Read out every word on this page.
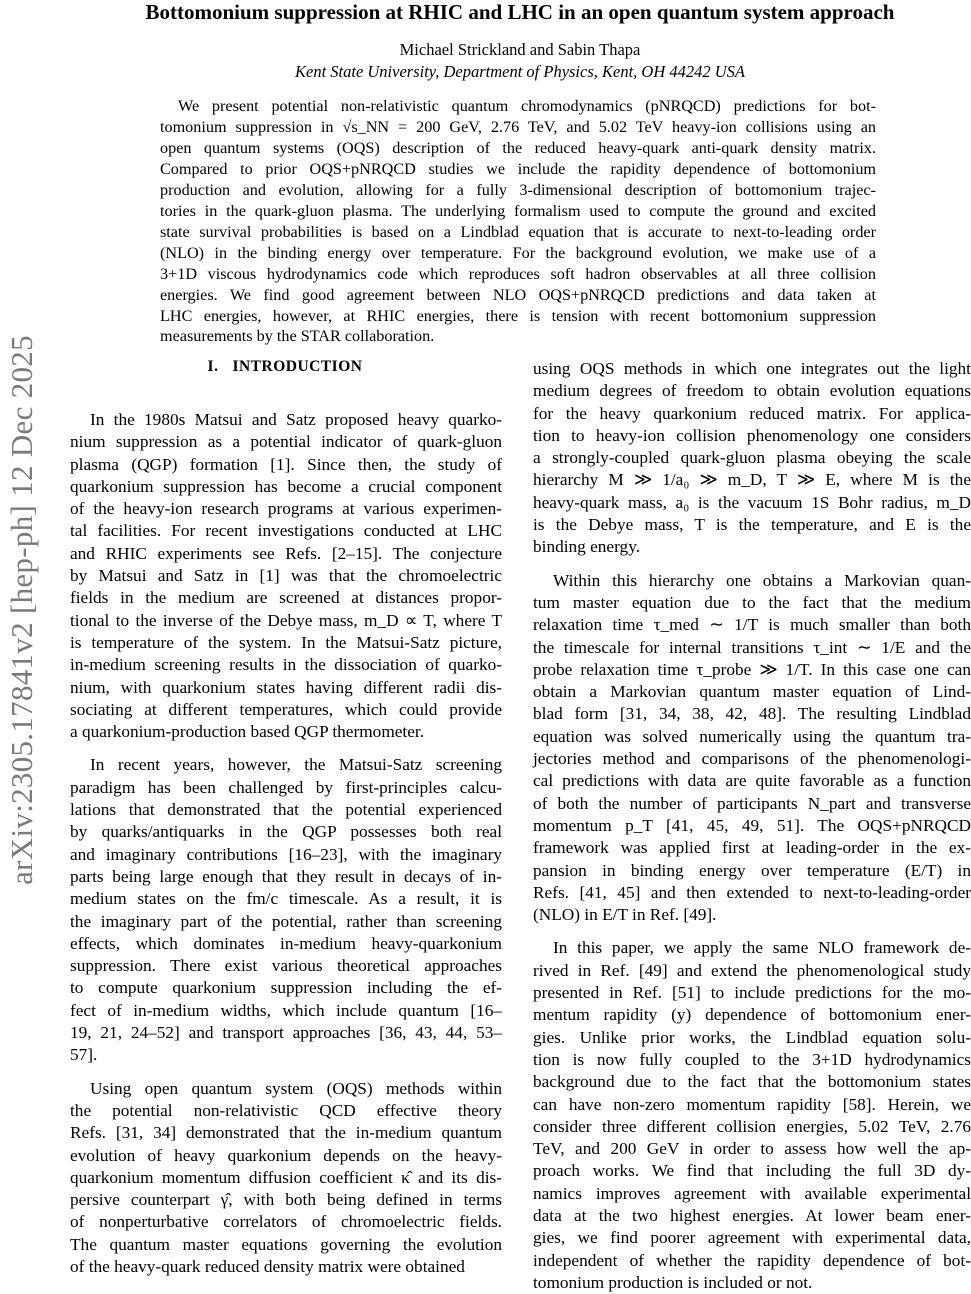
arXiv:2305.17841v2 [hep-ph] 12 Dec 2025
Bottomonium suppression at RHIC and LHC in an open quantum system approach
Michael Strickland and Sabin Thapa
Kent State University, Department of Physics, Kent, OH 44242 USA
We present potential non-relativistic quantum chromodynamics (pNRQCD) predictions for bot-
tomonium suppression in √s_NN = 200 GeV, 2.76 TeV, and 5.02 TeV heavy-ion collisions using an
open quantum systems (OQS) description of the reduced heavy-quark anti-quark density matrix.
Compared to prior OQS+pNRQCD studies we include the rapidity dependence of bottomonium
production and evolution, allowing for a fully 3-dimensional description of bottomonium trajec-
tories in the quark-gluon plasma. The underlying formalism used to compute the ground and excited
state survival probabilities is based on a Lindblad equation that is accurate to next-to-leading order
(NLO) in the binding energy over temperature. For the background evolution, we make use of a
3+1D viscous hydrodynamics code which reproduces soft hadron observables at all three collision
energies. We find good agreement between NLO OQS+pNRQCD predictions and data taken at
LHC energies, however, at RHIC energies, there is tension with recent bottomonium suppression
measurements by the STAR collaboration.
I. INTRODUCTION
In the 1980s Matsui and Satz proposed heavy quarko-
nium suppression as a potential indicator of quark-gluon
plasma (QGP) formation [1]. Since then, the study of
quarkonium suppression has become a crucial component
of the heavy-ion research programs at various experimen-
tal facilities. For recent investigations conducted at LHC
and RHIC experiments see Refs. [2–15]. The conjecture
by Matsui and Satz in [1] was that the chromoelectric
fields in the medium are screened at distances propor-
tional to the inverse of the Debye mass, m_D ∝ T, where T
is temperature of the system. In the Matsui-Satz picture,
in-medium screening results in the dissociation of quarko-
nium, with quarkonium states having different radii dis-
sociating at different temperatures, which could provide
a quarkonium-production based QGP thermometer.
In recent years, however, the Matsui-Satz screening
paradigm has been challenged by first-principles calcu-
lations that demonstrated that the potential experienced
by quarks/antiquarks in the QGP possesses both real
and imaginary contributions [16–23], with the imaginary
parts being large enough that they result in decays of in-
medium states on the fm/c timescale. As a result, it is
the imaginary part of the potential, rather than screening
effects, which dominates in-medium heavy-quarkonium
suppression. There exist various theoretical approaches
to compute quarkonium suppression including the ef-
fect of in-medium widths, which include quantum [16–
19, 21, 24–52] and transport approaches [36, 43, 44, 53–
57].
Using open quantum system (OQS) methods within
the potential non-relativistic QCD effective theory
Refs. [31, 34] demonstrated that the in-medium quantum
evolution of heavy quarkonium depends on the heavy-
quarkonium momentum diffusion coefficient κ̂ and its dis-
persive counterpart γ̂, with both being defined in terms
of nonperturbative correlators of chromoelectric fields.
The quantum master equations governing the evolution
of the heavy-quark reduced density matrix were obtained
using OQS methods in which one integrates out the light
medium degrees of freedom to obtain evolution equations
for the heavy quarkonium reduced matrix. For applica-
tion to heavy-ion collision phenomenology one considers
a strongly-coupled quark-gluon plasma obeying the scale
hierarchy M ≫ 1/a₀ ≫ m_D, T ≫ E, where M is the
heavy-quark mass, a₀ is the vacuum 1S Bohr radius, m_D
is the Debye mass, T is the temperature, and E is the
binding energy.
Within this hierarchy one obtains a Markovian quan-
tum master equation due to the fact that the medium
relaxation time τ_med ∼ 1/T is much smaller than both
the timescale for internal transitions τ_int ∼ 1/E and the
probe relaxation time τ_probe ≫ 1/T. In this case one can
obtain a Markovian quantum master equation of Lind-
blad form [31, 34, 38, 42, 48]. The resulting Lindblad
equation was solved numerically using the quantum tra-
jectories method and comparisons of the phenomenologi-
cal predictions with data are quite favorable as a function
of both the number of participants N_part and transverse
momentum p_T [41, 45, 49, 51]. The OQS+pNRQCD
framework was applied first at leading-order in the ex-
pansion in binding energy over temperature (E/T) in
Refs. [41, 45] and then extended to next-to-leading-order
(NLO) in E/T in Ref. [49].
In this paper, we apply the same NLO framework de-
rived in Ref. [49] and extend the phenomenological study
presented in Ref. [51] to include predictions for the mo-
mentum rapidity (y) dependence of bottomonium ener-
gies. Unlike prior works, the Lindblad equation solu-
tion is now fully coupled to the 3+1D hydrodynamics
background due to the fact that the bottomonium states
can have non-zero momentum rapidity [58]. Herein, we
consider three different collision energies, 5.02 TeV, 2.76
TeV, and 200 GeV in order to assess how well the ap-
proach works. We find that including the full 3D dy-
namics improves agreement with available experimental
data at the two highest energies. At lower beam ener-
gies, we find poorer agreement with experimental data,
independent of whether the rapidity dependence of bot-
tomonium production is included or not.
